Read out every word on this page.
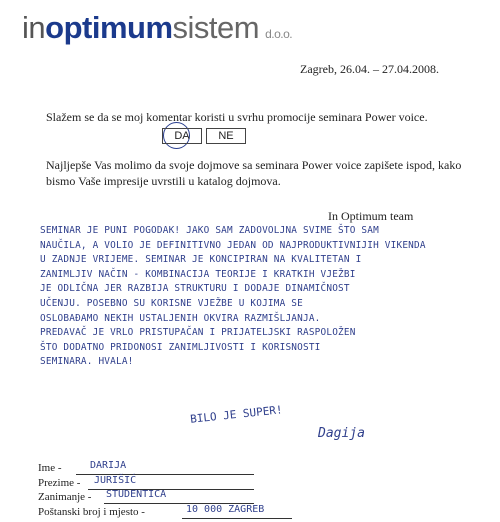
inoptimumsistem d.o.o.
Zagreb, 26.04. – 27.04.2008.
Slažem se da se moj komentar koristi u svrhu promocije seminara Power voice.
DA	NE
Najljepše Vas molimo da svoje dojmove sa seminara Power voice zapišete ispod, kako bismo Vaše impresije uvrstili u katalog dojmova.
In Optimum team
SEMINAR JE PUNI POGODAK! JAKO SAM ZADOVOLJNA SVIME ŠTO SAM
NAUČILA, A VOLIO JE DEFINITIVNO JEDAN OD NAJPRODUKTIVNIJIH VIKENDA
U ZADNJE VRIJEME. SEMINAR JE KONCIPIRAN NA KVALITETAN I
ZANIMLJIV NAČIN - KOMBINACIJA TEORIJE I KRATKIH VJEŽBI
JE ODLIČNA JER RAZBIJA STRUKTURU I DODAJE DINAMIČNOST
UČENJU. POSEBNO SU KORISNE VJEŽBE U KOJIMA SE
OSLOBAĐAMO NEKIH USTALJENIH OKVIRA RAZMIŠLJANJA.
PREDAVAČ JE VRLO PRISTUPAČAN I PRIJATELJSKI RASPOLOŽEN
ŠTO DODATNO PRIDONOSI ZANIMLJIVOSTI I KORISNOSTI
SEMINARA. HVALA!
BILO JE SUPER!
Dagija
Ime -	DARIJA
Prezime - JURIŠIĆ
Zanimanje - STUDENTICA
Poštanski broj i mjesto -	10 000 ZAGREB
